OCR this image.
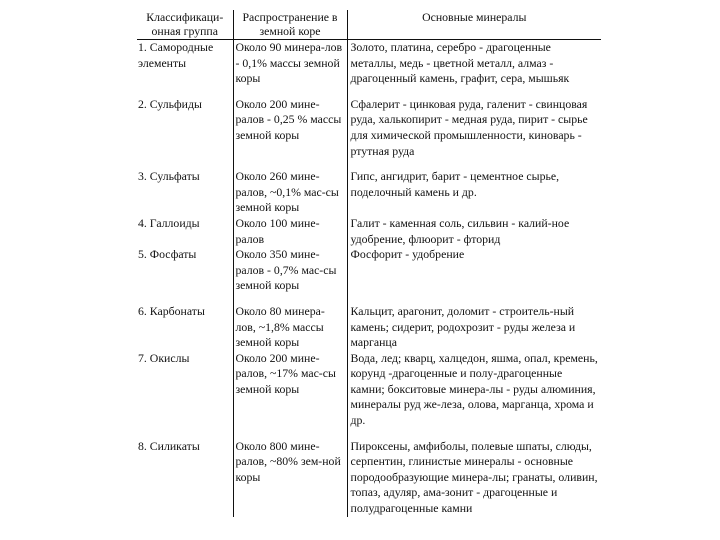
Классификаци-онная группа	Распространение в земной коре	Основные минералы
1. Самородные элементы	Около 90 минера-лов - 0,1% массы земной коры	Золото, платина, серебро - драгоценные металлы, медь - цветной металл, алмаз - драгоценный камень, графит, сера, мышьяк

2. Сульфиды	Около 200 мине-ралов - 0,25 % массы земной коры	Сфалерит - цинковая руда, галенит - свинцовая руда, халькопирит - медная руда, пирит - сырье для химической промышленности, киноварь - ртутная руда

3. Сульфаты	Около 260 мине-ралов, ~0,1% мас-сы земной коры	Гипс, ангидрит, барит - цементное сырье, поделочный камень и др.
4. Галлоиды	Около 100 мине-ралов	Галит - каменная соль, сильвин - калий-ное удобрение, флюорит - фторид
5. Фосфаты	Около 350 мине-ралов - 0,7% мас-сы земной коры	Фосфорит - удобрение

6. Карбонаты	Около 80 минера-лов, ~1,8% массы земной коры	Кальцит, арагонит, доломит - строитель-ный камень; сидерит, родохрозит - руды железа и марганца
7. Окислы	Около 200 мине-ралов, ~17% мас-сы земной коры	Вода, лед; кварц, халцедон, яшма, опал, кремень, корунд -драгоценные и полу-драгоценные камни; бокситовые минера-лы - руды алюминия, минералы руд же-леза, олова, марганца, хрома и др.

8. Силикаты	Около 800 мине-ралов, ~80% зем-ной коры	Пироксены, амфиболы, полевые шпаты, слюды, серпентин, глинистые минералы - основные породообразующие минера-лы; гранаты, оливин, топаз, адуляр, ама-зонит - драгоценные и полудрагоценные камни
